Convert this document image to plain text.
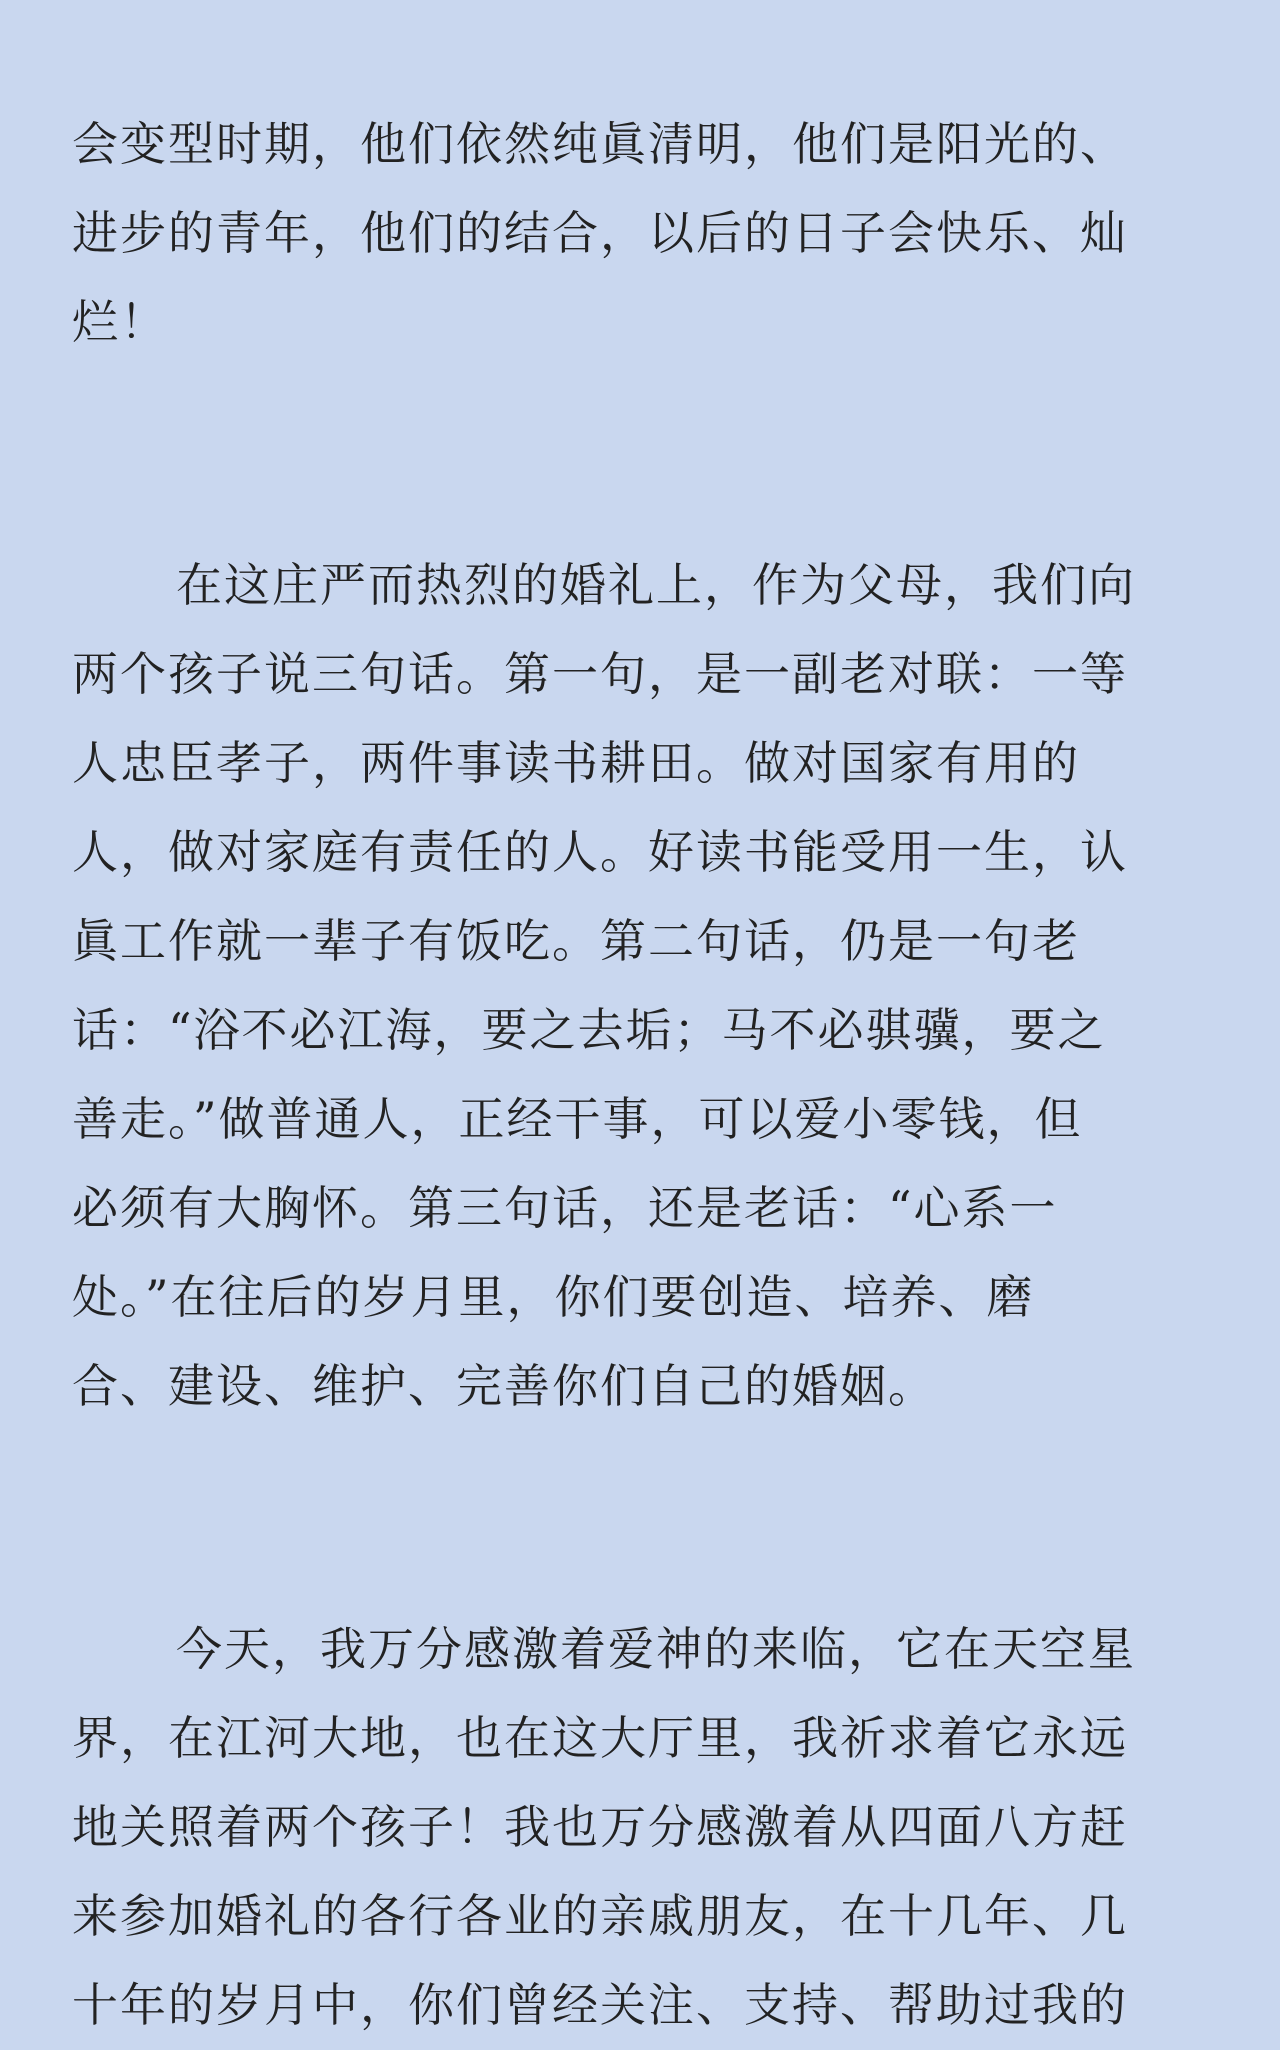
会变型时期，他们依然纯眞清明，他们是阳光的、
进步的青年，他们的结合，以后的日子会快乐、灿
烂！
在这庄严而热烈的婚礼上，作为父母，我们向
两个孩子说三句话。第一句，是一副老对联：一等
人忠臣孝子，两件事读书耕田。做对国家有用的
人，做对家庭有责任的人。好读书能受用一生，认
眞工作就一辈子有饭吃。第二句话，仍是一句老
话：“浴不必江海，要之去垢；马不必骐骥，要之
善走。”做普通人，正经干事，可以爱小零钱，但
必须有大胸怀。第三句话，还是老话：“心系一
处。”在往后的岁月里，你们要创造、培养、磨
合、建设、维护、完善你们自己的婚姻。
今天，我万分感激着爱神的来临，它在天空星
界，在江河大地，也在这大厅里，我祈求着它永远
地关照着两个孩子！我也万分感激着从四面八方赶
来参加婚礼的各行各业的亲戚朋友，在十几年、几
十年的岁月中，你们曾经关注、支持、帮助过我的
